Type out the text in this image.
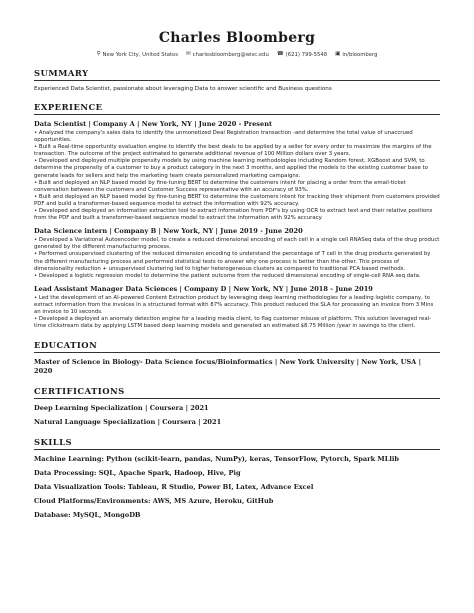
Charles Bloomberg
⚲ New York City, United States ✉ charlesbloomberg@wisc.edu ☎ (621) 799-5548 ▣ in/bloomberg
SUMMARY
Experienced Data Scientist, passionate about leveraging Data to answer scientific and Business questions
EXPERIENCE
Data Scientist | Company A | New York, NY | June 2020 - Present

• Analyzed the company's sales data to identify the unmonetized Deal Registration transaction -and determine the total value of unaccrued opportunities.

• Built a Real-time opportunity evaluation engine to identify the best deals to be applied by a seller for every order to maximize the margins of the transaction. The outcome of the project estimated to generate additional revenue of 100 Million dollars over 3 years.

• Developed and deployed multiple propensity models by using machine learning methodologies including Random forest, XGBoost and SVM, to determine the propensity of a customer to buy a product category in the next 3 months, and applied the models to the existing customer base to generate leads for sellers and help the marketing team create personalized marketing campaigns.

• Built and deployed an NLP based model by fine-tuning BERT to determine the customers intent for placing a order from the email-ticket conversation between the customers and Customer Success representative with an accuracy of 93%.

• Built and deployed an NLP based model by fine-tuning BERT to determine the customers intent for tracking their shipment from customers provided PDF and build a transformer-based sequence model to extract the information with 92% accuracy.

• Developed and deployed an information extraction tool to extract information from PDF's by using OCR to extract text and their relative positions from the PDF and built a transformer-based sequence model to extract the information with 92% accuracy.

Data Science intern | Company B | New York, NY | June 2019 - June 2020

• Developed a Variational Autoencoder model, to create a reduced dimensional encoding of each cell in a single cell RNASeq data of the drug product generated by the different manufacturing process.

• Performed unsupervised clustering of the reduced dimension encoding to understand the percentage of T cell in the drug products generated by the different manufacturing process and performed statistical tests to answer why one process is better than the other. This process of dimensionality reduction + unsupervised clustering led to higher heterogeneous clusters as compared to traditional PCA based methods.

• Developed a logistic regression model to determine the patient outcome from the reduced dimensional encoding of single-cell RNA seq data.

Lead Assistant Manager Data Sciences | Company D | New York, NY | June 2018 - June 2019

• Led the development of an AI-powered Content Extraction product by leveraging deep learning methodologies for a leading logistic company, to extract information from the invoices in a structured format with 87% accuracy. This product reduced the SLA for processing an invoice from 3 Mins an invoice to 10 seconds.

• Developed a deployed an anomaly detection engine for a leading media client, to flag customer misuse of platform. This solution leveraged real-time clickstream data by applying LSTM based deep learning models and generated an estimated $8.75 Million /year in savings to the client.

EDUCATION
Master of Science in Biology- Data Science focus/Bioinformatics | New York University | New York, USA | 2020
CERTIFICATIONS
Deep Learning Specialization | Coursera | 2021
Natural Language Specialization | Coursera | 2021
SKILLS
Machine Learning: Python (scikit-learn, pandas, NumPy), keras, TensorFlow, Pytorch, Spark MLlib
Data Processing: SQL, Apache Spark, Hadoop, Hive, Pig
Data Visualization Tools: Tableau, R Studio, Power BI, Latex, Advance Excel
Cloud Platforms/Environments: AWS, MS Azure, Heroku, GitHub
Database: MySQL, MongoDB
